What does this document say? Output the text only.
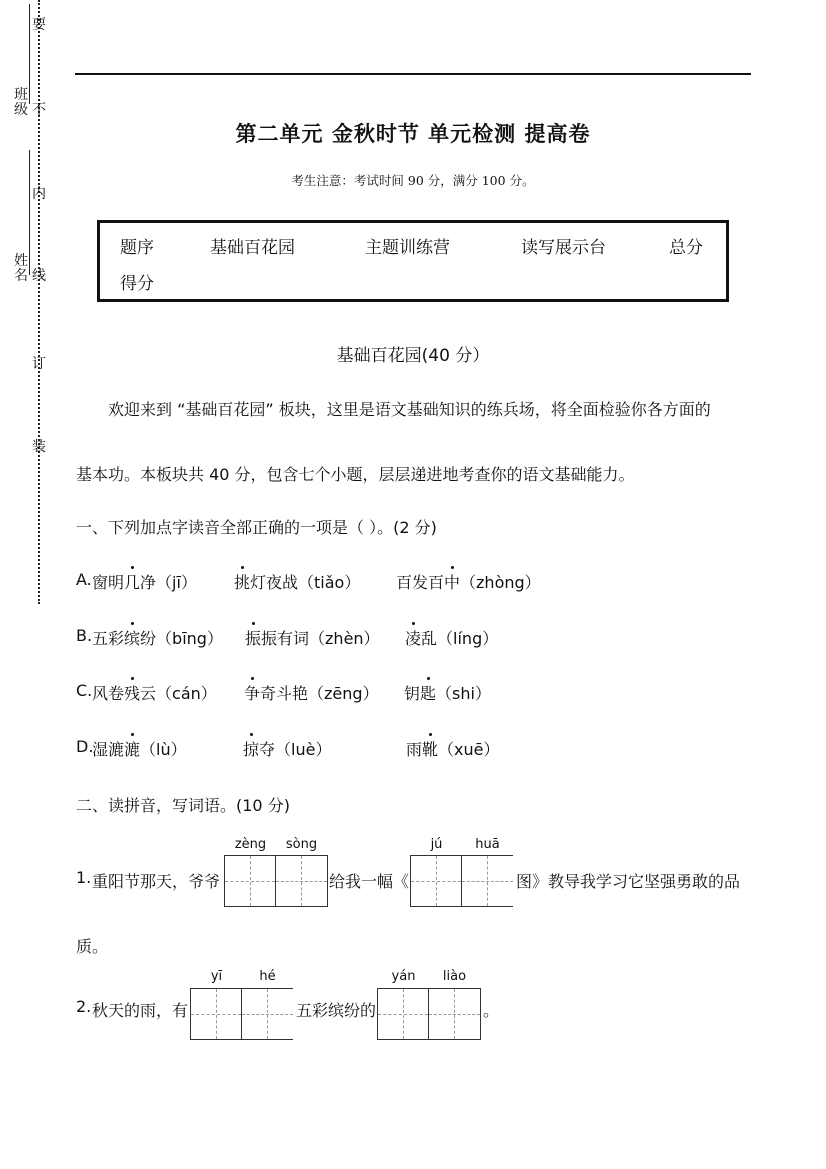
班级
姓名
要
不
内
线
订
装
第二单元 金秋时节 单元检测 提高卷
考生注意：考试时间 90 分，满分 100 分。
题序	基础百花园	主题训练营	读写展示台	总分
得分
基础百花园(40 分）
欢迎来到 “基础百花园” 板块，这里是语文基础知识的练兵场，将全面检验你各方面的
基本功。本板块共 40 分，包含七个小题，层层递进地考查你的语文基础能力。
一、下列加点字读音全部正确的一项是（ ）。(2 分)
A. 窗明几净（jī） 挑灯夜战（tiǎo） 百发百中（zhòng）
B. 五彩缤纷（bīng） 振振有词（zhèn） 凌乱（líng）
C. 风卷残云（cán） 争奇斗艳（zēng） 钥匙（shi）
D.
湿漉漉（lù）	掠夺（luè）	雨靴（xuē）
二、读拼音，写词语。(10 分)
zèng	sòng	jú	huā
1. 重阳节那天，爷爷	给我一幅《	图》教导我学习它坚强勇敢的品
质。
yī	hé	yán	liào
2. 秋天的雨，有	五彩缤纷的	。
